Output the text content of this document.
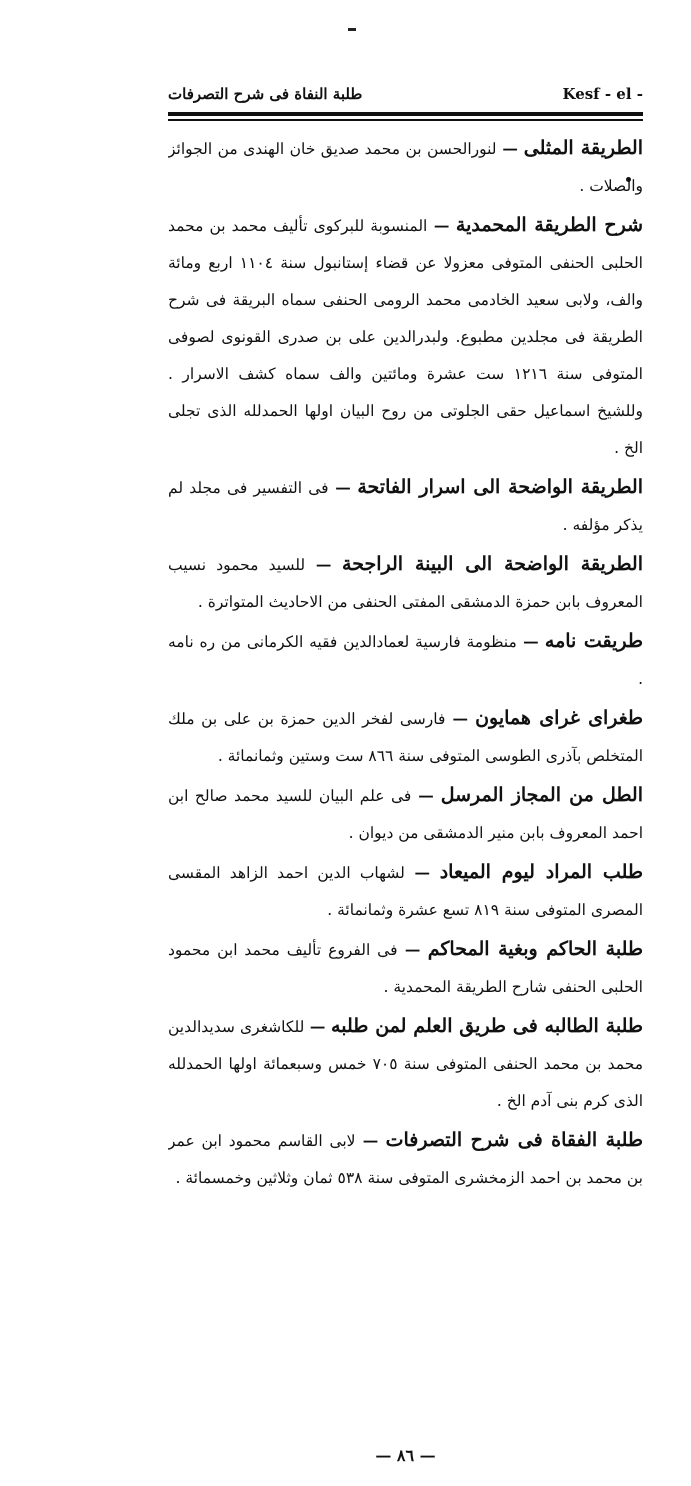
Kesf - el -
طلبة النفاة فى شرح التصرفات
الطريقة المثلى — لنورالحسن بن محمد صديق خان الهندى من الجوائز والصلات .
شرح الطريقة المحمدية — المنسوبة للبركوى تأليف محمد بن محمد الحلبى الحنفى المتوفى معزولا عن قضاء إستانبول سنة ١١٠٤ اربع ومائة والف، ولابى سعيد الخادمى محمد الرومى الحنفى سماه البريقة فى شرح الطريقة فى مجلدين مطبوع. ولبدرالدين على بن صدرى القونوى لصوفى المتوفى سنة ١٢١٦ ست عشرة ومائتين والف سماه كشف الاسرار . وللشيخ اسماعيل حقى الجلوتى من روح البيان اولها الحمدلله الذى تجلى الخ .
الطريقة الواضحة الى اسرار الفاتحة — فى التفسير فى مجلد لم يذكر مؤلفه .
الطريقة الواضحة الى البينة الراجحة — للسيد محمود نسيب المعروف بابن حمزة الدمشقى المفتى الحنفى من الاحاديث المتواترة .
طريقت نامه — منظومة فارسية لعمادالدين فقيه الكرمانى من ره نامه .
طغراى غراى همايون — فارسى لفخر الدين حمزة بن على بن ملك المتخلص بآذرى الطوسى المتوفى سنة ٨٦٦ ست وستين وثمانمائة .
الطل من المجاز المرسل — فى علم البيان للسيد محمد صالح ابن احمد المعروف بابن منير الدمشقى من ديوان .
طلب المراد ليوم الميعاد — لشهاب الدين احمد الزاهد المقسى المصرى المتوفى سنة ٨١٩ تسع عشرة وثمانمائة .
طلبة الحاكم وبغية المحاكم — فى الفروع تأليف محمد ابن محمود الحلبى الحنفى شارح الطريقة المحمدية .
طلبة الطالبه فى طريق العلم لمن طلبه — للكاشغرى سديدالدين محمد بن محمد الحنفى المتوفى سنة ٧٠٥ خمس وسبعمائة اولها الحمدلله الذى كرم بنى آدم الخ .
طلبة الفقاة فى شرح التصرفات — لابى القاسم محمود ابن عمر بن محمد بن احمد الزمخشرى المتوفى سنة ٥٣٨ ثمان وثلاثين وخمسمائة .
— ٨٦ —
